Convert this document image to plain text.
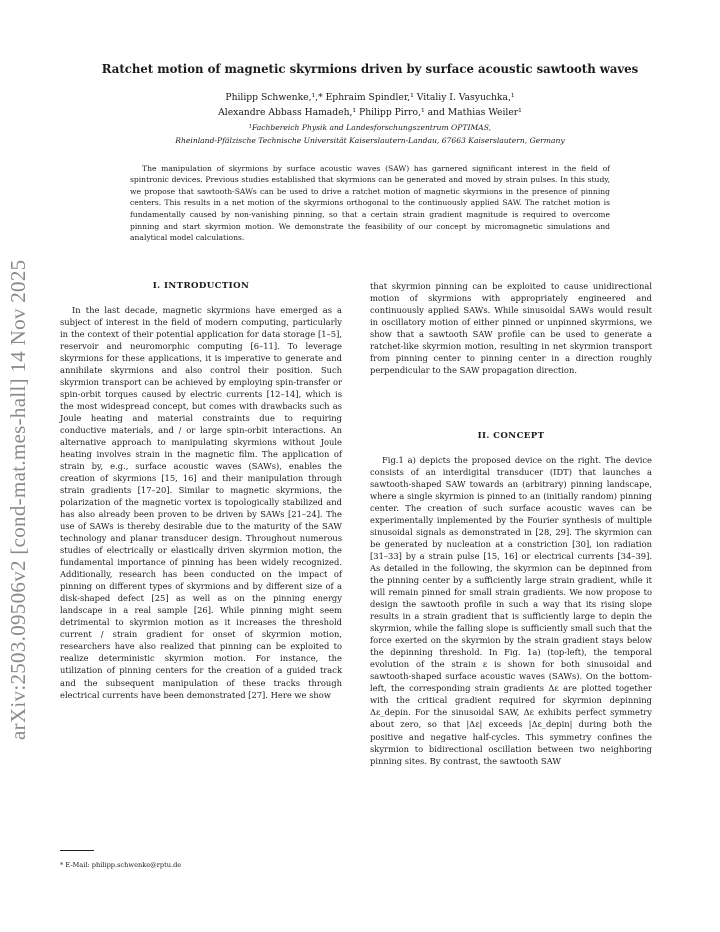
arXiv:2503.09506v2 [cond-mat.mes-hall] 14 Nov 2025
Ratchet motion of magnetic skyrmions driven by surface acoustic sawtooth waves
Philipp Schwenke,¹,* Ephraim Spindler,¹ Vitaliy I. Vasyuchka,¹
Alexandre Abbass Hamadeh,¹ Philipp Pirro,¹ and Mathias Weiler¹
¹Fachbereich Physik and Landesforschungszentrum OPTIMAS,
Rheinland-Pfälzische Technische Universität Kaiserslautern-Landau, 67663 Kaiserslautern, Germany

The manipulation of skyrmions by surface acoustic waves (SAW) has garnered significant interest in the field of spintronic devices. Previous studies established that skyrmions can be generated and moved by strain pulses. In this study, we propose that sawtooth-SAWs can be used to drive a ratchet motion of magnetic skyrmions in the presence of pinning centers. This results in a net motion of the skyrmions orthogonal to the continuously applied SAW. The ratchet motion is fundamentally caused by non-vanishing pinning, so that a certain strain gradient magnitude is required to overcome pinning and start skyrmion motion. We demonstrate the feasibility of our concept by micromagnetic simulations and analytical model calculations.

I. INTRODUCTION

In the last decade, magnetic skyrmions have emerged as a subject of interest in the field of modern computing, particularly in the context of their potential application for data storage [1–5], reservoir and neuromorphic computing [6–11]. To leverage skyrmions for these applications, it is imperative to generate and annihilate skyrmions and also control their position. Such skyrmion transport can be achieved by employing spin-transfer or spin-orbit torques caused by electric currents [12–14], which is the most widespread concept, but comes with drawbacks such as Joule heating and material constraints due to requiring conductive materials, and / or large spin-orbit interactions. An alternative approach to manipulating skyrmions without Joule heating involves strain in the magnetic film. The application of strain by, e.g., surface acoustic waves (SAWs), enables the creation of skyrmions [15, 16] and their manipulation through strain gradients [17–20]. Similar to magnetic skyrmions, the polarization of the magnetic vortex is topologically stabilized and has also already been proven to be driven by SAWs [21–24]. The use of SAWs is thereby desirable due to the maturity of the SAW technology and planar transducer design. Throughout numerous studies of electrically or elastically driven skyrmion motion, the fundamental importance of pinning has been widely recognized. Additionally, research has been conducted on the impact of pinning on different types of skyrmions and by different size of a disk-shaped defect [25] as well as on the pinning energy landscape in a real sample [26]. While pinning might seem detrimental to skyrmion motion as it increases the threshold current / strain gradient for onset of skyrmion motion, researchers have also realized that pinning can be exploited to realize deterministic skyrmion motion. For instance, the utilization of pinning centers for the creation of a guided track and the subsequent manipulation of these tracks through electrical currents have been demonstrated [27]. Here we show

that skyrmion pinning can be exploited to cause unidirectional motion of skyrmions with appropriately engineered and continuously applied SAWs. While sinusoidal SAWs would result in oscillatory motion of either pinned or unpinned skyrmions, we show that a sawtooth SAW profile can be used to generate a ratchet-like skyrmion motion, resulting in net skyrmion transport from pinning center to pinning center in a direction roughly perpendicular to the SAW propagation direction.

II. CONCEPT

Fig.1 a) depicts the proposed device on the right. The device consists of an interdigital transducer (IDT) that launches a sawtooth-shaped SAW towards an (arbitrary) pinning landscape, where a single skyrmion is pinned to an (initially random) pinning center. The creation of such surface acoustic waves can be experimentally implemented by the Fourier synthesis of multiple sinusoidal signals as demonstrated in [28, 29]. The skyrmion can be generated by nucleation at a constriction [30], ion radiation [31–33] by a strain pulse [15, 16] or electrical currents [34–39]. As detailed in the following, the skyrmion can be depinned from the pinning center by a sufficiently large strain gradient, while it will remain pinned for small strain gradients. We now propose to design the sawtooth profile in such a way that its rising slope results in a strain gradient that is sufficiently large to depin the skyrmion, while the falling slope is sufficiently small such that the force exerted on the skyrmion by the strain gradient stays below the depinning threshold. In Fig. 1a) (top-left), the temporal evolution of the strain ε is shown for both sinusoidal and sawtooth-shaped surface acoustic waves (SAWs). On the bottom-left, the corresponding strain gradients Δε are plotted together with the critical gradient required for skyrmion depinning Δε_depin. For the sinusoidal SAW, Δε exhibits perfect symmetry about zero, so that |Δε| exceeds |Δε_depin| during both the positive and negative half-cycles. This symmetry confines the skyrmion to bidirectional oscillation between two neighboring pinning sites. By contrast, the sawtooth SAW

* E-Mail: philipp.schwenke@rptu.de
